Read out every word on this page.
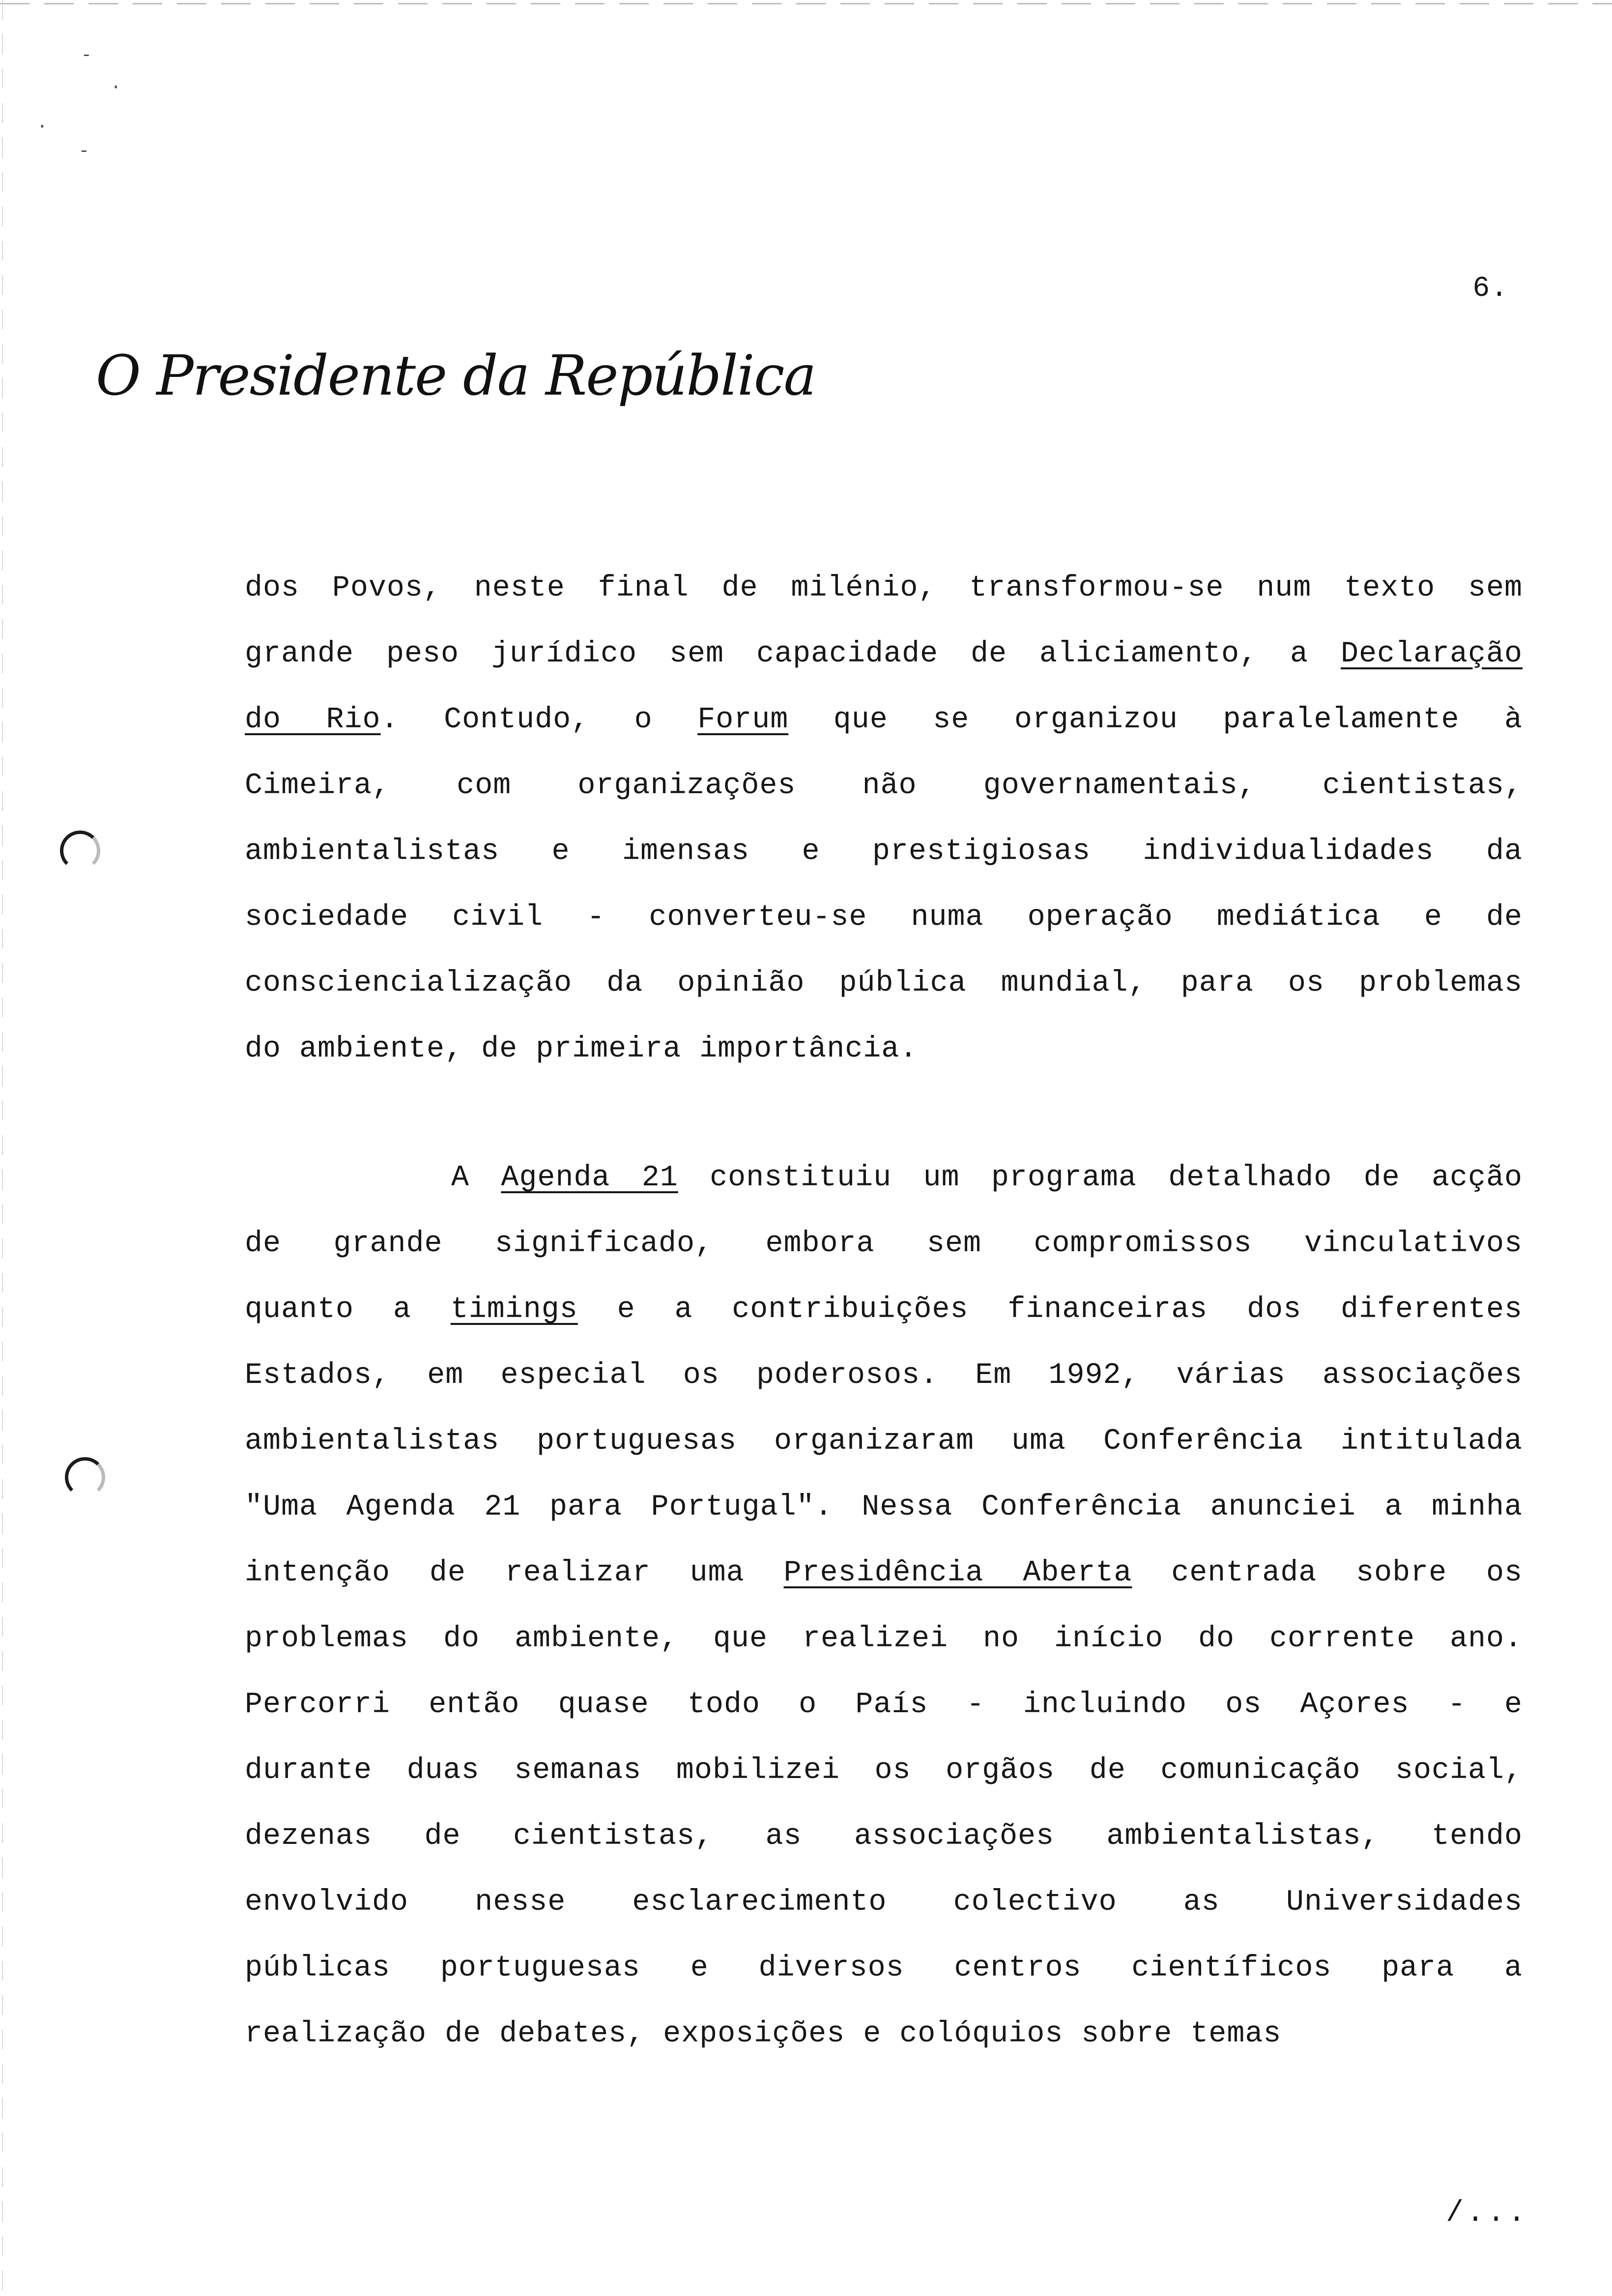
-
·
·
-
6.
O Presidente da República
dos Povos, neste final de milénio, transformou-se num texto sem
grande peso jurídico sem capacidade de aliciamento, a Declaração
do Rio. Contudo, o Forum que se organizou paralelamente à
Cimeira, com organizações não governamentais, cientistas,
ambientalistas e imensas e prestigiosas individualidades da
sociedade civil - converteu-se numa operação mediática e de
consciencialização da opinião pública mundial, para os problemas
do ambiente, de primeira importância.
A Agenda 21 constituiu um programa detalhado de acção
de grande significado, embora sem compromissos vinculativos
quanto a timings e a contribuições financeiras dos diferentes
Estados, em especial os poderosos. Em 1992, várias associações
ambientalistas portuguesas organizaram uma Conferência intitulada
"Uma Agenda 21 para Portugal". Nessa Conferência anunciei a minha
intenção de realizar uma Presidência Aberta centrada sobre os
problemas do ambiente, que realizei no início do corrente ano.
Percorri então quase todo o País - incluindo os Açores - e
durante duas semanas mobilizei os orgãos de comunicação social,
dezenas de cientistas, as associações ambientalistas, tendo
envolvido nesse esclarecimento colectivo as Universidades
públicas portuguesas e diversos centros científicos para a
realização de debates, exposições e colóquios sobre temas
/...
